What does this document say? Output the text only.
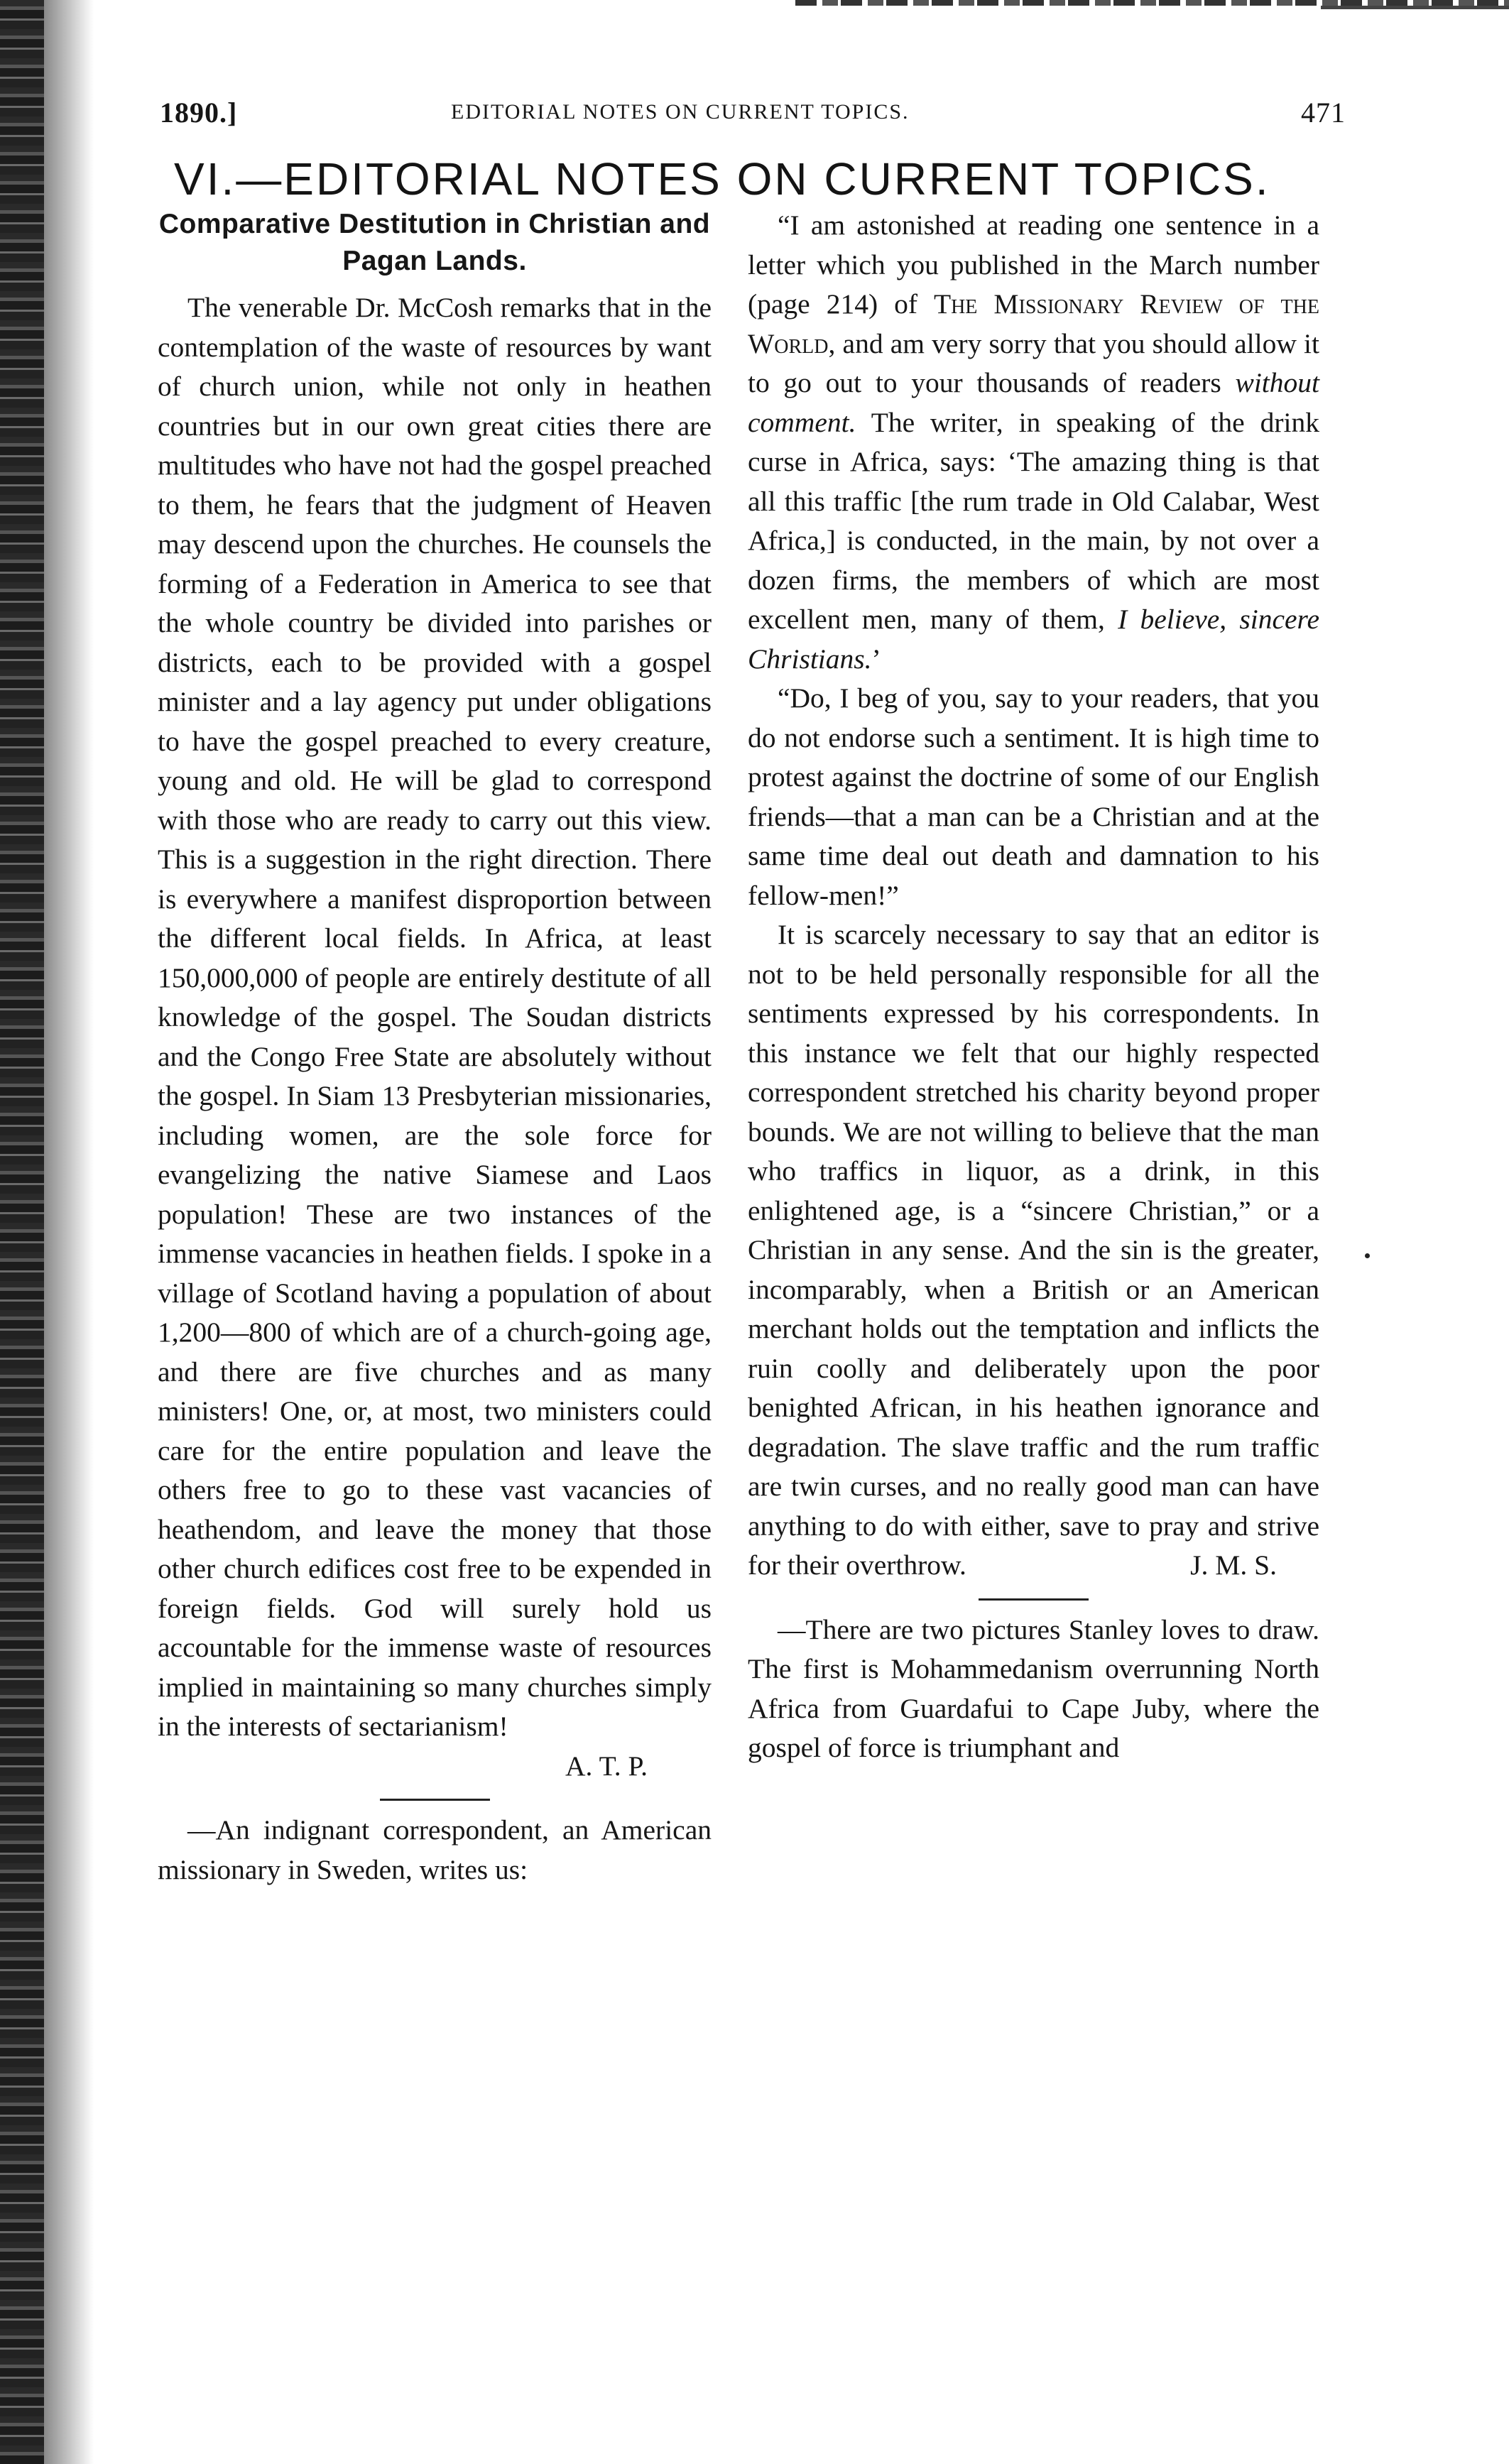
1890.]	EDITORIAL NOTES ON CURRENT TOPICS.	471
VI.—EDITORIAL NOTES ON CURRENT TOPICS.
Comparative Destitution in Christian and Pagan Lands.

The venerable Dr. McCosh remarks that in the contemplation of the waste of resources by want of church union, while not only in heathen countries but in our own great cities there are multitudes who have not had the gospel preached to them, he fears that the judgment of Heaven may descend upon the churches. He counsels the forming of a Federation in America to see that the whole country be divided into parishes or districts, each to be provided with a gospel minister and a lay agency put under obligations to have the gospel preached to every creature, young and old. He will be glad to correspond with those who are ready to carry out this view. This is a suggestion in the right direction. There is everywhere a manifest disproportion between the different local fields. In Africa, at least 150,000,000 of people are entirely destitute of all knowledge of the gospel. The Soudan districts and the Congo Free State are absolutely without the gospel. In Siam 13 Presbyterian missionaries, including women, are the sole force for evangelizing the native Siamese and Laos population! These are two instances of the immense vacancies in heathen fields. I spoke in a village of Scotland having a population of about 1,200—800 of which are of a church-going age, and there are five churches and as many ministers! One, or, at most, two ministers could care for the entire population and leave the others free to go to these vast vacancies of heathendom, and leave the money that those other church edifices cost free to be expended in foreign fields. God will surely hold us accountable for the immense waste of resources implied in maintaining so many churches simply in the interests of sectarianism!

A. T. P.

—An indignant correspondent, an American missionary in Sweden, writes us:

“I am astonished at reading one sentence in a letter which you published in the March number (page 214) of The Missionary Review of the World, and am very sorry that you should allow it to go out to your thousands of readers without comment. The writer, in speaking of the drink curse in Africa, says: ‘The amazing thing is that all this traffic [the rum trade in Old Calabar, West Africa,] is conducted, in the main, by not over a dozen firms, the members of which are most excellent men, many of them, I believe, sincere Christians.’

“Do, I beg of you, say to your readers, that you do not endorse such a sentiment. It is high time to protest against the doctrine of some of our English friends—that a man can be a Christian and at the same time deal out death and damnation to his fellow-men!”

It is scarcely necessary to say that an editor is not to be held personally responsible for all the sentiments expressed by his correspondents. In this instance we felt that our highly respected correspondent stretched his charity beyond proper bounds. We are not willing to believe that the man who traffics in liquor, as a drink, in this enlightened age, is a “sincere Christian,” or a Christian in any sense. And the sin is the greater, incomparably, when a British or an American merchant holds out the temptation and inflicts the ruin coolly and deliberately upon the poor benighted African, in his heathen ignorance and degradation. The slave traffic and the rum traffic are twin curses, and no really good man can have anything to do with either, save to pray and strive for their overthrow.	J. M. S.

—There are two pictures Stanley loves to draw. The first is Mohammedanism overrunning North Africa from Guardafui to Cape Juby, where the gospel of force is triumphant and
